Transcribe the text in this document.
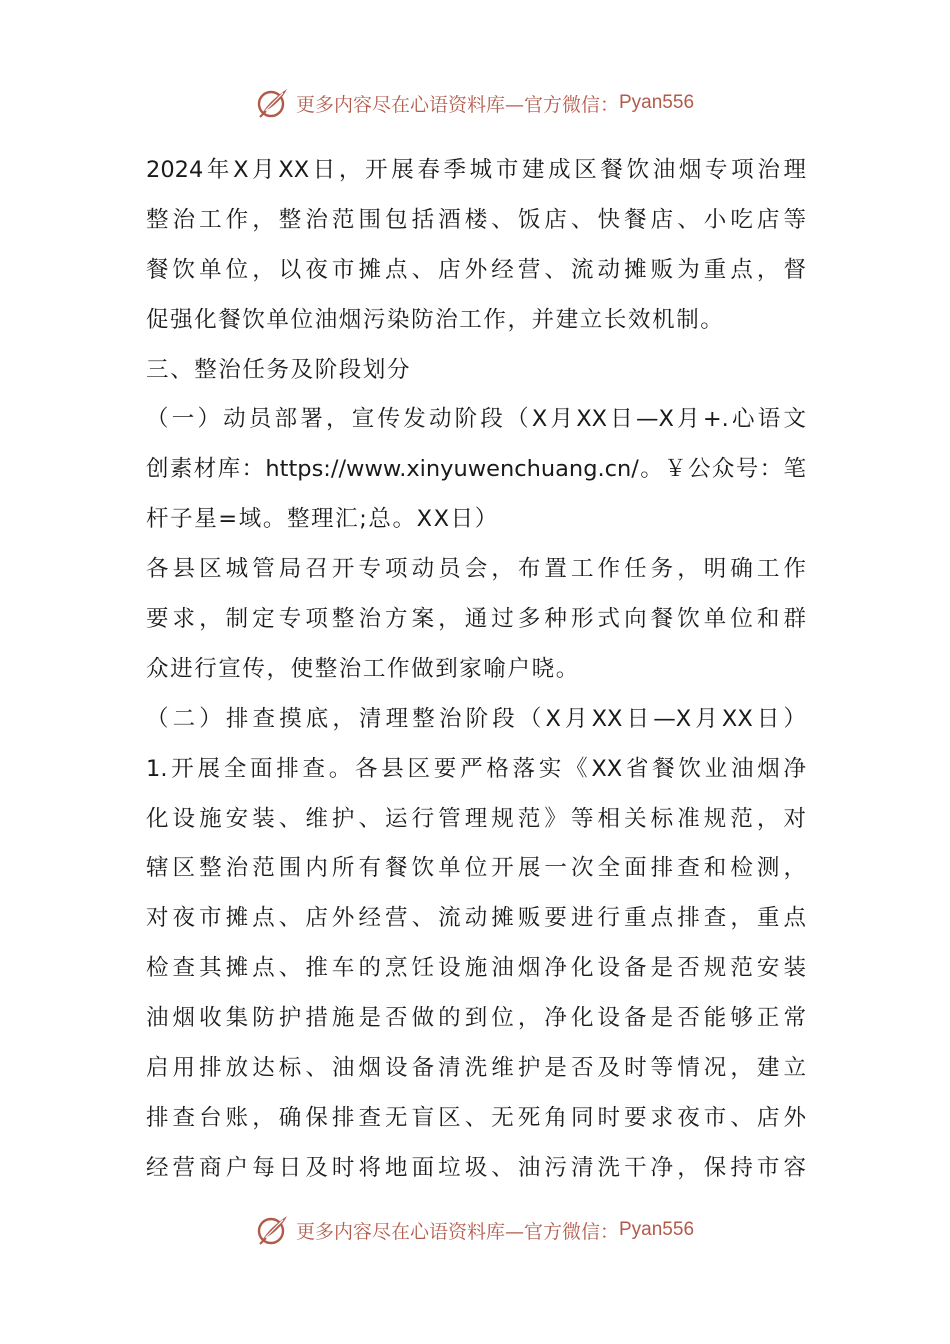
更多内容尽在心语资料库—官方微信： Pyan556
2​0​2​4​年​X​月​X​X​日​，​开​展​春​季​城​市​建​成​区​餐​饮​油​烟​专​项​治​理
整​治​工​作​，​整​治​范​围​包​括​酒​楼​、​饭​店​、​快​餐​店​、​小​吃​店​等
餐​饮​单​位​，​以​夜​市​摊​点​、​店​外​经​营​、​流​动​摊​贩​为​重​点​，​督
促强化餐饮单位油烟污染防治工作，并建立长效机制。
三、整治任务及阶段划分
（​一​）​动​员​部​署​，​宣​传​发​动​阶​段​（​X​月​X​X​日​—​X​月​+​.​心​语​文
创​素​材​库​：​h​t​t​p​s​:​/​/​w​w​w​.​x​i​n​y​u​w​e​n​c​h​u​a​n​g​.​c​n​/​。​￥​公​众​号​：​笔
杆子星=域。整理汇;总。XX日）
各​县​区​城​管​局​召​开​专​项​动​员​会​，​布​置​工​作​任​务​，​明​确​工​作
要​求​，​制​定​专​项​整​治​方​案​，​通​过​多​种​形​式​向​餐​饮​单​位​和​群
众进行宣传，使整治工作做到家喻户晓。
（​二​）​排​查​摸​底​，​清​理​整​治​阶​段​（​X​月​X​X​日​—​X​月​X​X​日​）
1​.​开​展​全​面​排​查​。​各​县​区​要​严​格​落​实​《​X​X​省​餐​饮​业​油​烟​净
化​设​施​安​装​、​维​护​、​运​行​管​理​规​范​》​等​相​关​标​准​规​范​，​对
辖​区​整​治​范​围​内​所​有​餐​饮​单​位​开​展​一​次​全​面​排​查​和​检​测​，
对​夜​市​摊​点​、​店​外​经​营​、​流​动​摊​贩​要​进​行​重​点​排​查​，​重​点
检​查​其​摊​点​、​推​车​的​烹​饪​设​施​油​烟​净​化​设​备​是​否​规​范​安​装
油​烟​收​集​防​护​措​施​是​否​做​的​到​位​，​净​化​设​备​是​否​能​够​正​常
启​用​排​放​达​标​、​油​烟​设​备​清​洗​维​护​是​否​及​时​等​情​况​，​建​立
排​查​台​账​，​确​保​排​查​无​盲​区​、​无​死​角​同​时​要​求​夜​市​、​店​外
经​营​商​户​每​日​及​时​将​地​面​垃​圾​、​油​污​清​洗​干​净​，​保​持​市​容
更多内容尽在心语资料库—官方微信： Pyan556
